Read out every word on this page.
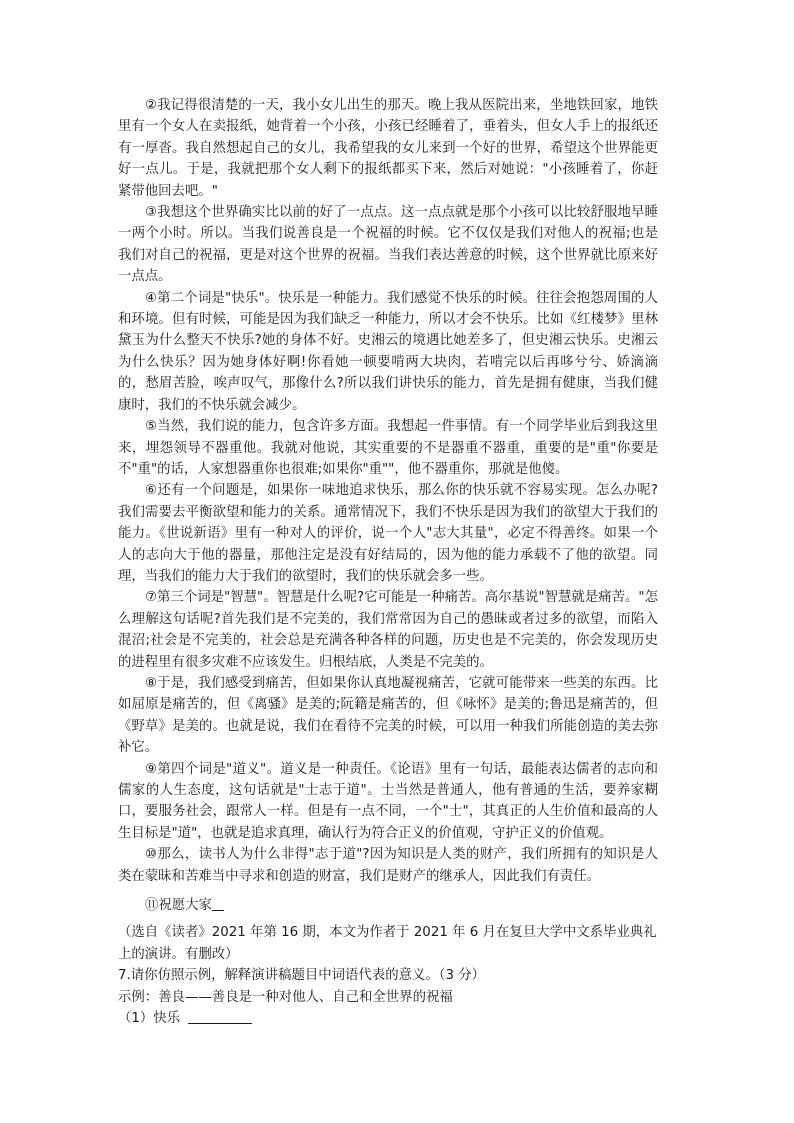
②我记得很清楚的一天，我小女儿出生的那天。晚上我从医院出来，坐地铁回家，地铁里有一个女人在卖报纸，她背着一个小孩，小孩已经睡着了，垂着头，但女人手上的报纸还有一厚沓。我自然想起自己的女儿，我希望我的女儿来到一个好的世界，希望这个世界能更好一点儿。于是，我就把那个女人剩下的报纸都买下来，然后对她说："小孩睡着了，你赶紧带他回去吧。"

③我想这个世界确实比以前的好了一点点。这一点点就是那个小孩可以比较舒服地早睡一两个小时。所以。当我们说善良是一个祝福的时候。它不仅仅是我们对他人的祝福;也是我们对自己的祝福，更是对这个世界的祝福。当我们表达善意的时候，这个世界就比原来好一点点。

④第二个词是"快乐"。快乐是一种能力。我们感觉不快乐的时候。往往会抱怨周围的人和环境。但有时候，可能是因为我们缺乏一种能力，所以才会不快乐。比如《红楼梦》里林黛玉为什么整天不快乐?她的身体不好。史湘云的境遇比她差多了，但史湘云快乐。史湘云为什么快乐？因为她身体好啊!你看她一顿要啃两大块肉，若啃完以后再哆兮兮、娇滴滴的，愁眉苦脸，唉声叹气，那像什么?所以我们讲快乐的能力，首先是拥有健康，当我们健康时，我们的不快乐就会减少。

⑤当然，我们说的能力，包含许多方面。我想起一件事情。有一个同学毕业后到我这里来，埋怨领导不器重他。我就对他说，其实重要的不是器重不器重，重要的是"重"你要是不"重"的话，人家想器重你也很难;如果你"重""，他不器重你，那就是他傻。

⑥还有一个问题是，如果你一味地追求快乐，那么你的快乐就不容易实现。怎么办呢?我们需要去平衡欲望和能力的关系。通常情况下，我们不快乐是因为我们的欲望大于我们的能力。《世说新语》里有一种对人的评价，说一个人"志大其量"，必定不得善终。如果一个人的志向大于他的器量，那他注定是没有好结局的，因为他的能力承载不了他的欲望。同理，当我们的能力大于我们的欲望时，我们的快乐就会多一些。

⑦第三个词是"智慧"。智慧是什么呢?它可能是一种痛苦。高尔基说"智慧就是痛苦。"怎么理解这句话呢?首先我们是不完美的，我们常常因为自己的愚昧或者过多的欲望，而陷入混沼;社会是不完美的，社会总是充满各种各样的问题，历史也是不完美的，你会发现历史的进程里有很多灾难不应该发生。归根结底，人类是不完美的。

⑧于是，我们感受到痛苦，但如果你认真地凝视痛苦，它就可能带来一些美的东西。比如屈原是痛苦的，但《离骚》是美的;阮籍是痛苦的，但《咏怀》是美的;鲁迅是痛苦的，但《野草》是美的。也就是说，我们在看待不完美的时候，可以用一种我们所能创造的美去弥补它。

⑨第四个词是"道义"。道义是一种责任。《论语》里有一句话，最能表达儒者的志向和儒家的人生态度，这句话就是"士志于道"。士当然是普通人，他有普通的生活，要养家糊口，要服务社会，跟常人一样。但是有一点不同，一个"士"，其真正的人生价值和最高的人生目标是"道"，也就是追求真理，确认行为符合正义的价值观，守护正义的价值观。

⑩那么，读书人为什么非得"志于道"?因为知识是人类的财产，我们所拥有的知识是人类在蒙昧和苦难当中寻求和创造的财富，我们是财产的继承人，因此我们有责任。

⑪祝愿大家

（选自《读者》2021 年第 16 期，本文为作者于 2021 年 6 月在复旦大学中文系毕业典礼上的演讲。有删改）

7.请你仿照示例，解释演讲稿题目中词语代表的意义。（3 分）

示例：善良——善良是一种对他人、自己和全世界的祝福

（1）快乐
